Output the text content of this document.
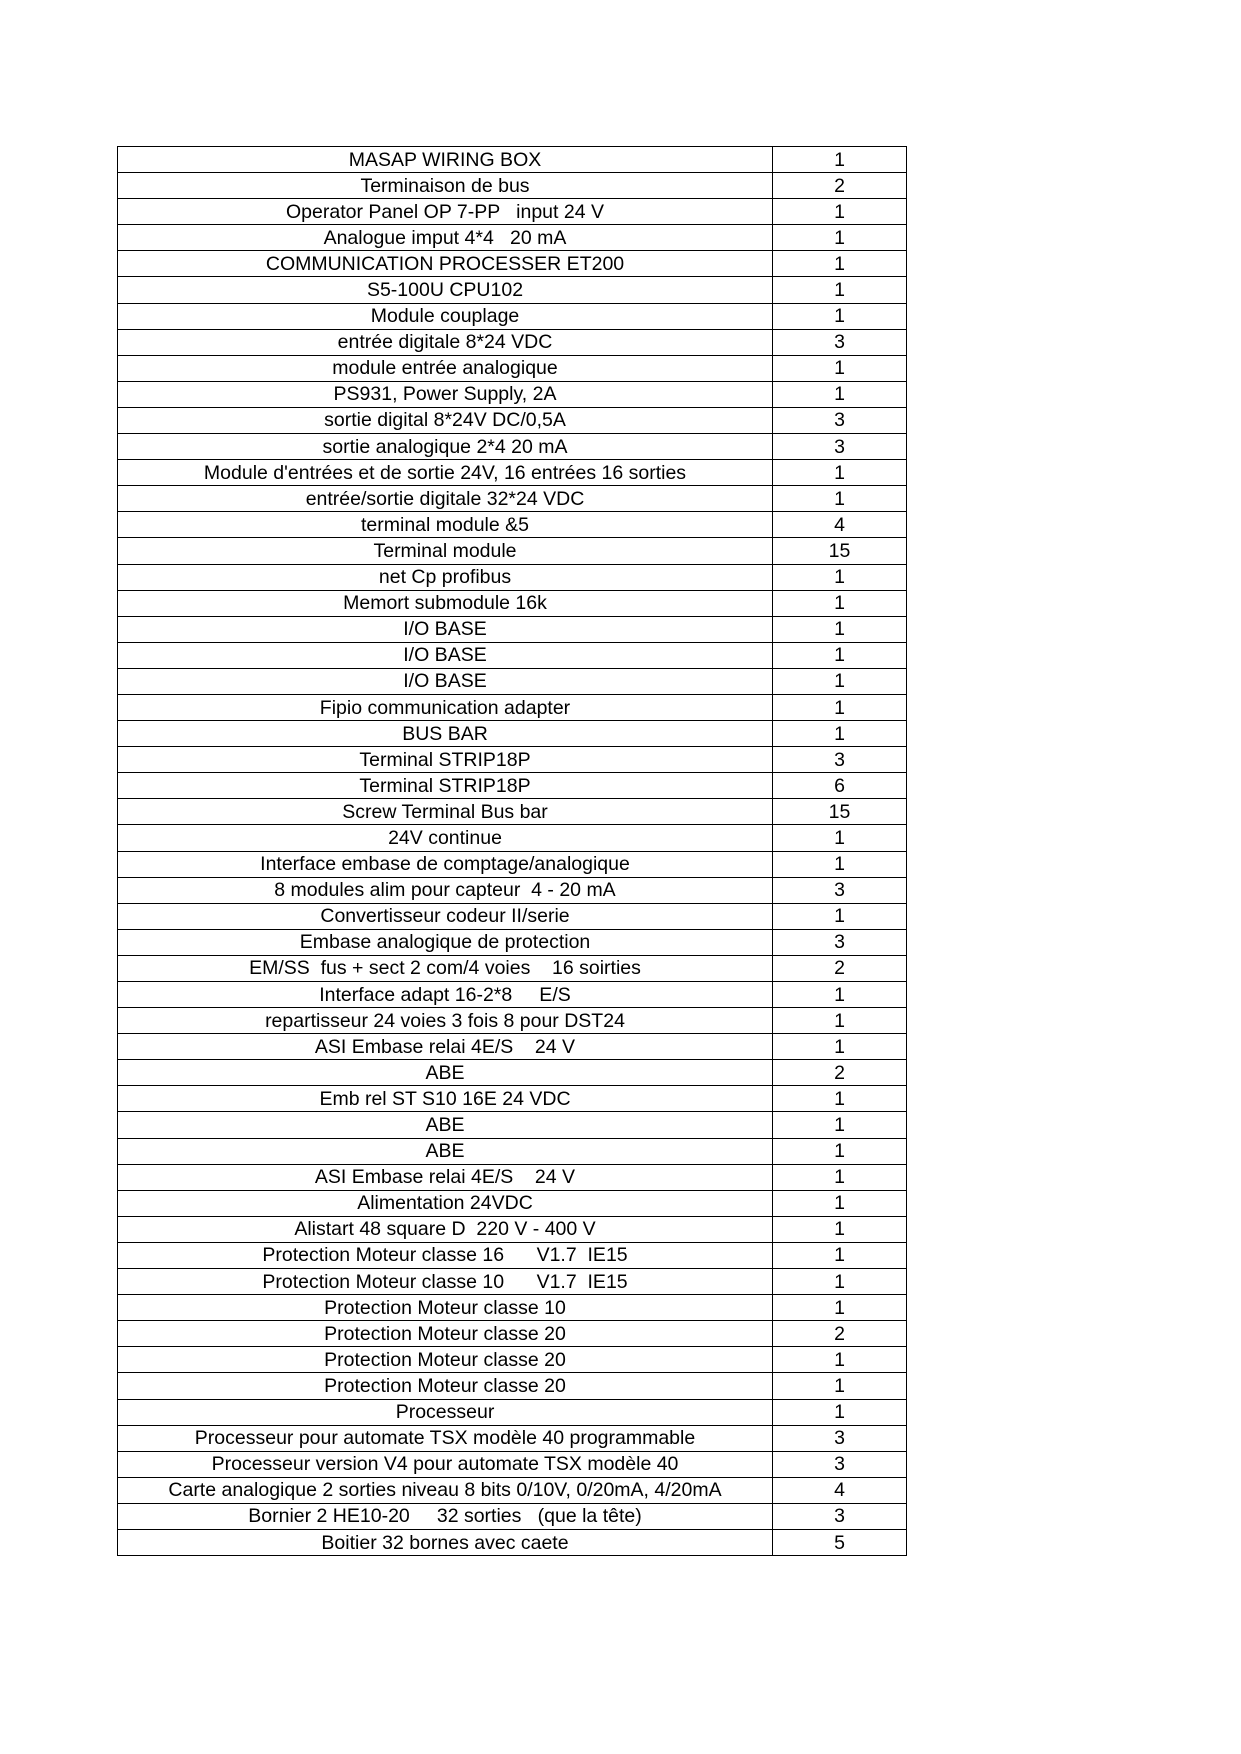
MASAP WIRING BOX	1
Terminaison de bus	2
Operator Panel OP 7-PP   input 24 V	1
Analogue imput 4*4   20 mA	1
COMMUNICATION PROCESSER ET200	1
S5-100U CPU102	1
Module couplage	1
entrée digitale 8*24 VDC	3
module entrée analogique	1
PS931, Power Supply, 2A	1
sortie digital 8*24V DC/0,5A	3
sortie analogique 2*4 20 mA	3
Module d'entrées et de sortie 24V, 16 entrées 16 sorties	1
entrée/sortie digitale 32*24 VDC	1
terminal module &5	4
Terminal module	15
net Cp profibus	1
Memort submodule 16k	1
I/O BASE	1
I/O BASE	1
I/O BASE	1
Fipio communication adapter	1
BUS BAR	1
Terminal STRIP18P	3
Terminal STRIP18P	6
Screw Terminal Bus bar	15
24V continue	1
Interface embase de comptage/analogique	1
8 modules alim pour capteur  4 - 20 mA	3
Convertisseur codeur II/serie	1
Embase analogique de protection	3
EM/SS  fus + sect 2 com/4 voies    16 soirties	2
Interface adapt 16-2*8     E/S	1
repartisseur 24 voies 3 fois 8 pour DST24	1
ASI Embase relai 4E/S    24 V	1
ABE	2
Emb rel ST S10 16E 24 VDC	1
ABE	1
ABE	1
ASI Embase relai 4E/S    24 V	1
Alimentation 24VDC	1
Alistart 48 square D  220 V - 400 V	1
Protection Moteur classe 16      V1.7  IE15	1
Protection Moteur classe 10      V1.7  IE15	1
Protection Moteur classe 10	1
Protection Moteur classe 20	2
Protection Moteur classe 20	1
Protection Moteur classe 20	1
Processeur	1
Processeur pour automate TSX modèle 40 programmable	3
Processeur version V4 pour automate TSX modèle 40	3
Carte analogique 2 sorties niveau 8 bits 0/10V, 0/20mA, 4/20mA	4
Bornier 2 HE10-20     32 sorties   (que la tête)	3
Boitier 32 bornes avec caete	5
